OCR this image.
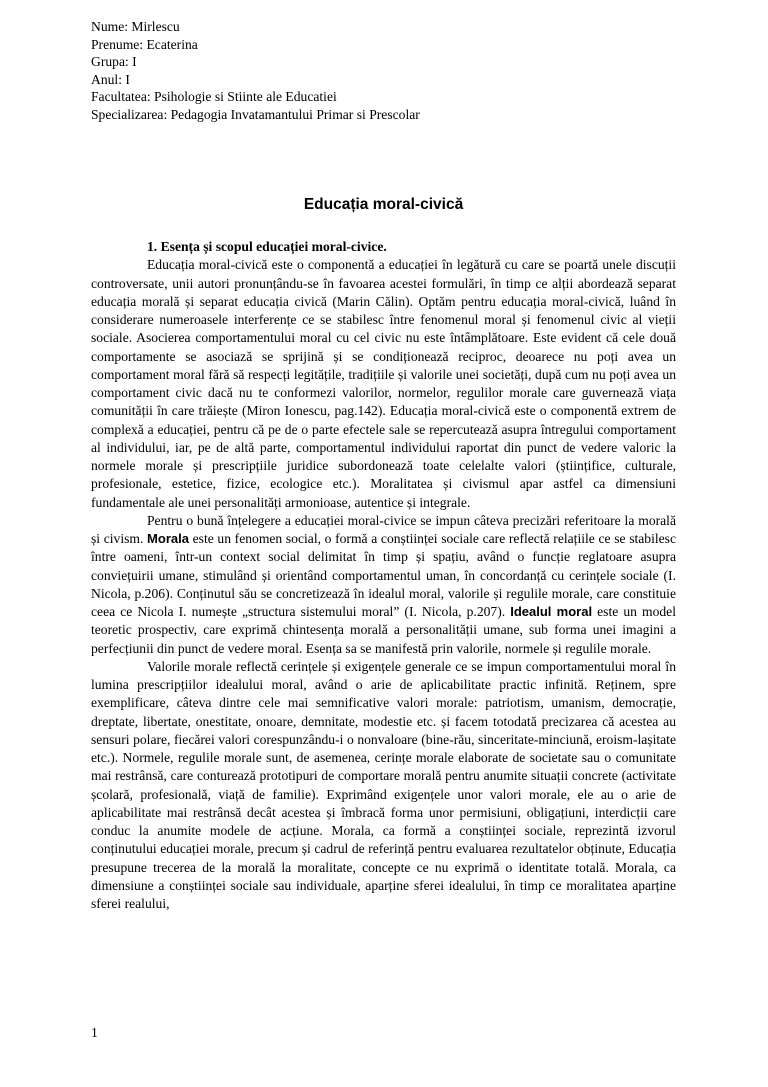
Nume: Mirlescu
Prenume: Ecaterina
Grupa: I
Anul: I
Facultatea: Psihologie si Stiinte ale Educatiei
Specializarea: Pedagogia Invatamantului Primar si Prescolar
Educația moral-civică
1. Esența și scopul educației moral-civice.

Educația moral-civică este o componentă a educației în legătură cu care se poartă unele discuții controversate, unii autori pronunțându-se în favoarea acestei formulări, în timp ce alții abordează separat educația morală și separat educația civică (Marin Călin). Optăm pentru educația moral-civică, luând în considerare numeroasele interferențe ce se stabilesc între fenomenul moral și fenomenul civic al vieții sociale. Asocierea comportamentului moral cu cel civic nu este întâmplătoare. Este evident că cele două comportamente se asociază se sprijină și se condiționează reciproc, deoarece nu poți avea un comportament moral fără să respecți legitățile, tradițiile și valorile unei societăți, după cum nu poți avea un comportament civic dacă nu te conformezi valorilor, normelor, regulilor morale care guvernează viața comunității în care trăiește (Miron Ionescu, pag.142). Educația moral-civică este o componentă extrem de complexă a educației, pentru că pe de o parte efectele sale se repercutează asupra întregului comportament al individului, iar, pe de altă parte, comportamentul individului raportat din punct de vedere valoric la normele morale și prescripțiile juridice subordonează toate celelalte valori (științifice, culturale, profesionale, estetice, fizice, ecologice etc.). Moralitatea și civismul apar astfel ca dimensiuni fundamentale ale unei personalități armonioase, autentice și integrale.

Pentru o bună înțelegere a educației moral-civice se impun câteva precizări referitoare la morală și civism. Morala este un fenomen social, o formă a conștiinței sociale care reflectă relațiile ce se stabilesc între oameni, într-un context social delimitat în timp și spațiu, având o funcție reglatoare asupra conviețuirii umane, stimulând și orientând comportamentul uman, în concordanță cu cerințele sociale (I. Nicola, p.206). Conținutul său se concretizează în idealul moral, valorile și regulile morale, care constituie ceea ce Nicola I. numește „structura sistemului moral” (I. Nicola, p.207). Idealul moral este un model teoretic prospectiv, care exprimă chintesența morală a personalității umane, sub forma unei imagini a perfecțiunii din punct de vedere moral. Esența sa se manifestă prin valorile, normele și regulile morale.

Valorile morale reflectă cerințele și exigențele generale ce se impun comportamentului moral în lumina prescripțiilor idealului moral, având o arie de aplicabilitate practic infinită. Reținem, spre exemplificare, câteva dintre cele mai semnificative valori morale: patriotism, umanism, democrație, dreptate, libertate, onestitate, onoare, demnitate, modestie etc. și facem totodată precizarea că acestea au sensuri polare, fiecărei valori corespunzându-i o nonvaloare (bine-rău, sinceritate-minciună, eroism-lașitate etc.). Normele, regulile morale sunt, de asemenea, cerințe morale elaborate de societate sau o comunitate mai restrânsă, care conturează prototipuri de comportare morală pentru anumite situații concrete (activitate școlară, profesională, viață de familie). Exprimând exigențele unor valori morale, ele au o arie de aplicabilitate mai restrânsă decât acestea și îmbracă forma unor permisiuni, obligațiuni, interdicții care conduc la anumite modele de acțiune. Morala, ca formă a conștiinței sociale, reprezintă izvorul conținutului educației morale, precum și cadrul de referință pentru evaluarea rezultatelor obținute, Educația presupune trecerea de la morală la moralitate, concepte ce nu exprimă o identitate totală. Morala, ca dimensiune a conștiinței sociale sau individuale, aparține sferei idealului, în timp ce moralitatea aparține sferei realului,

1
